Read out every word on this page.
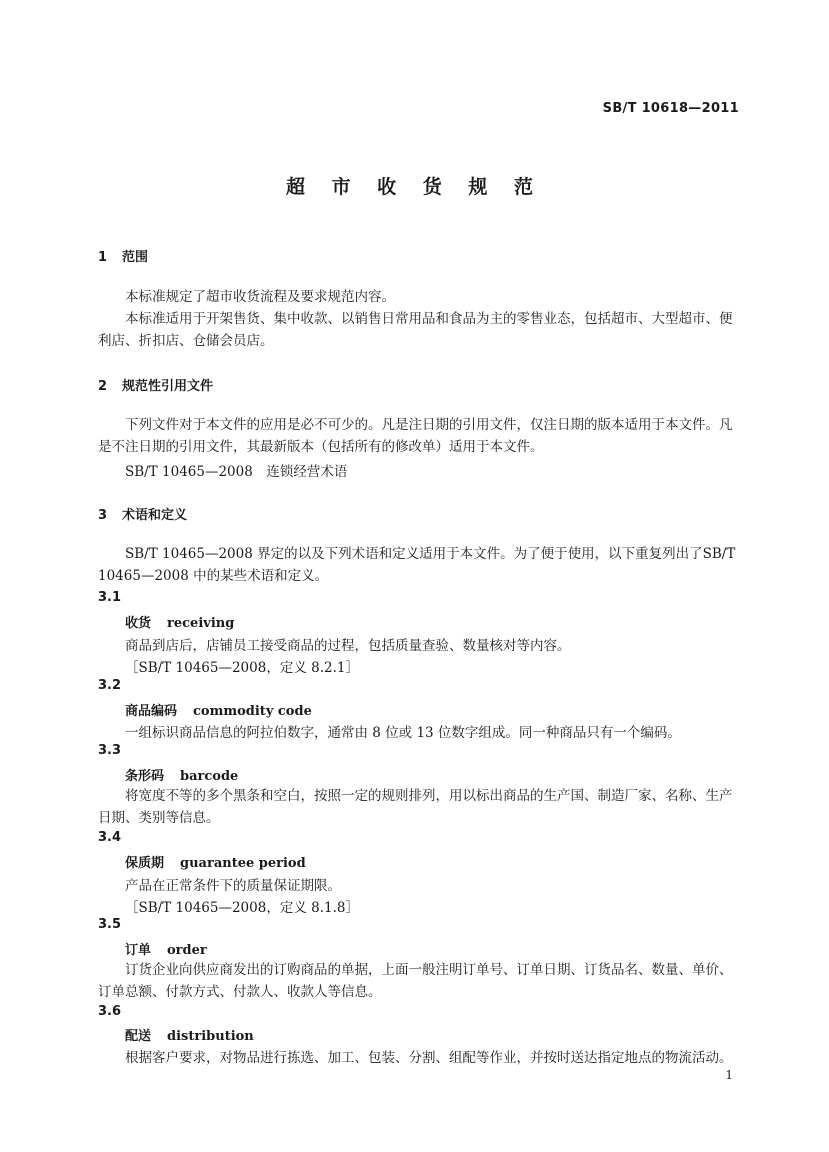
SB/T 10618—2011
超 市 收 货 规 范
1 范围
本标准规定了超市收货流程及要求规范内容。
本标准适用于开架售货、集中收款、以销售日常用品和食品为主的零售业态，包括超市、大型超市、便利店、折扣店、仓储会员店。
2 规范性引用文件
下列文件对于本文件的应用是必不可少的。凡是注日期的引用文件，仅注日期的版本适用于本文件。凡是不注日期的引用文件，其最新版本（包括所有的修改单）适用于本文件。
SB/T 10465—2008　连锁经营术语
3 术语和定义
SB/T 10465—2008 界定的以及下列术语和定义适用于本文件。为了便于使用，以下重复列出了SB/T 10465—2008 中的某些术语和定义。
3.1
收货 receiving
商品到店后，店铺员工接受商品的过程，包括质量查验、数量核对等内容。
［SB/T 10465—2008，定义 8.2.1］
3.2
商品编码 commodity code
一组标识商品信息的阿拉伯数字，通常由 8 位或 13 位数字组成。同一种商品只有一个编码。
3.3
条形码 barcode
将宽度不等的多个黑条和空白，按照一定的规则排列，用以标出商品的生产国、制造厂家、名称、生产日期、类别等信息。
3.4
保质期 guarantee period
产品在正常条件下的质量保证期限。
［SB/T 10465—2008，定义 8.1.8］
3.5
订单 order
订货企业向供应商发出的订购商品的单据，上面一般注明订单号、订单日期、订货品名、数量、单价、订单总额、付款方式、付款人、收款人等信息。
3.6
配送 distribution
根据客户要求，对物品进行拣选、加工、包装、分割、组配等作业，并按时送达指定地点的物流活动。
1
